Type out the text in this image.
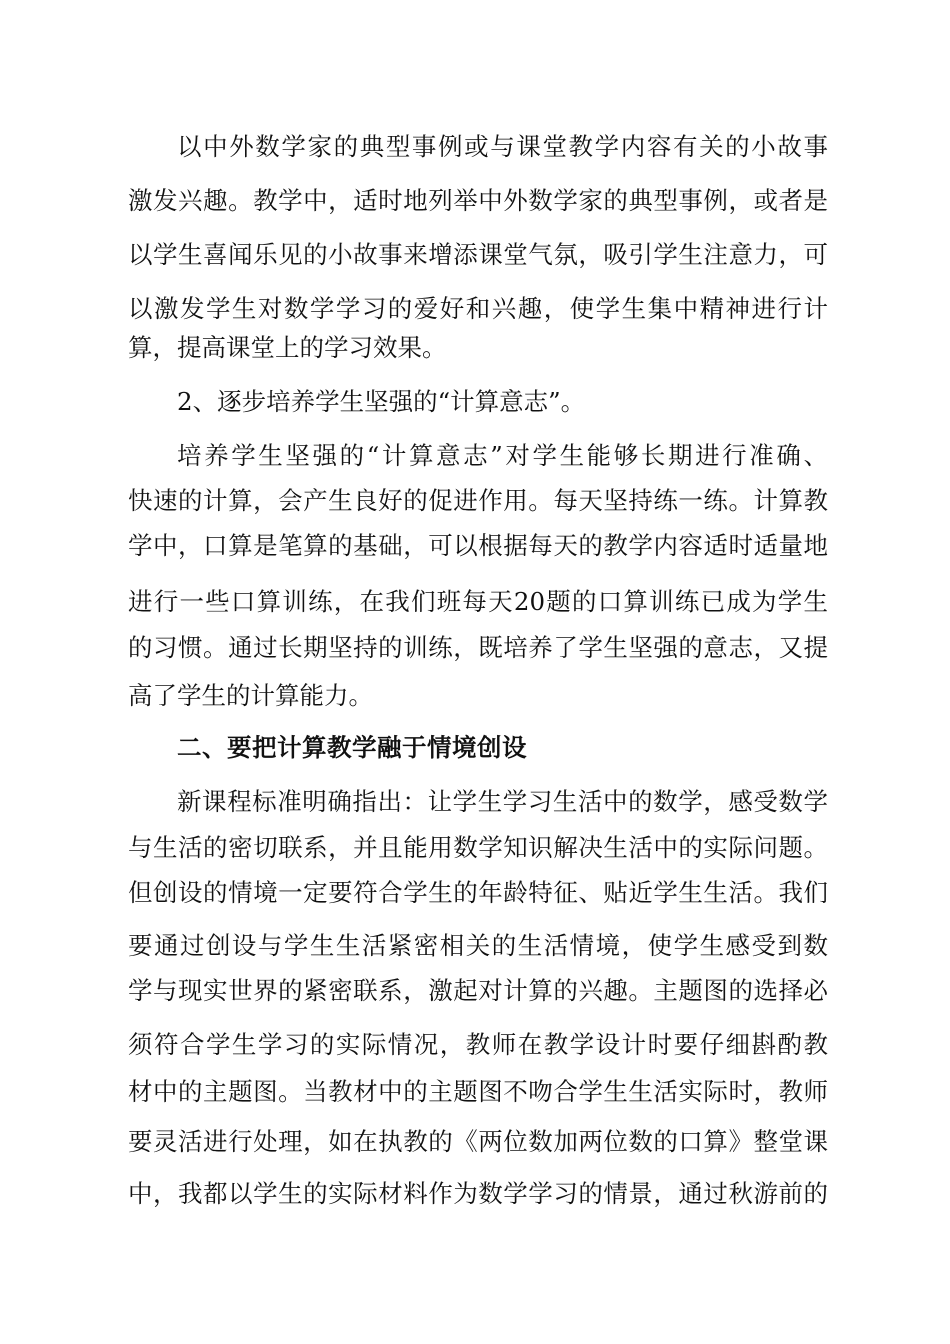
以中外数学家的典型事例或与课堂教学内容有关的小故事
激发兴趣。教学中，适时地列举中外数学家的典型事例，或者是
以学生喜闻乐见的小故事来增添课堂气氛，吸引学生注意力，可
以激发学生对数学学习的爱好和兴趣，使学生集中精神进行计
算，提高课堂上的学习效果。
2、逐步培养学生坚强的“计算意志”。
培养学生坚强的“计算意志”对学生能够长期进行准确、
快速的计算，会产生良好的促进作用。每天坚持练一练。计算教
学中，口算是笔算的基础，可以根据每天的教学内容适时适量地
进行一些口算训练，在我们班每天20题的口算训练已成为学生
的习惯。通过长期坚持的训练，既培养了学生坚强的意志，又提
高了学生的计算能力。
二、要把计算教学融于情境创设
新课程标准明确指出：让学生学习生活中的数学，感受数学
与生活的密切联系，并且能用数学知识解决生活中的实际问题。
但创设的情境一定要符合学生的年龄特征、贴近学生生活。我们
要通过创设与学生生活紧密相关的生活情境，使学生感受到数
学与现实世界的紧密联系，激起对计算的兴趣。主题图的选择必
须符合学生学习的实际情况，教师在教学设计时要仔细斟酌教
材中的主题图。当教材中的主题图不吻合学生生活实际时，教师
要灵活进行处理，如在执教的《两位数加两位数的口算》整堂课
中，我都以学生的实际材料作为数学学习的情景，通过秋游前的
